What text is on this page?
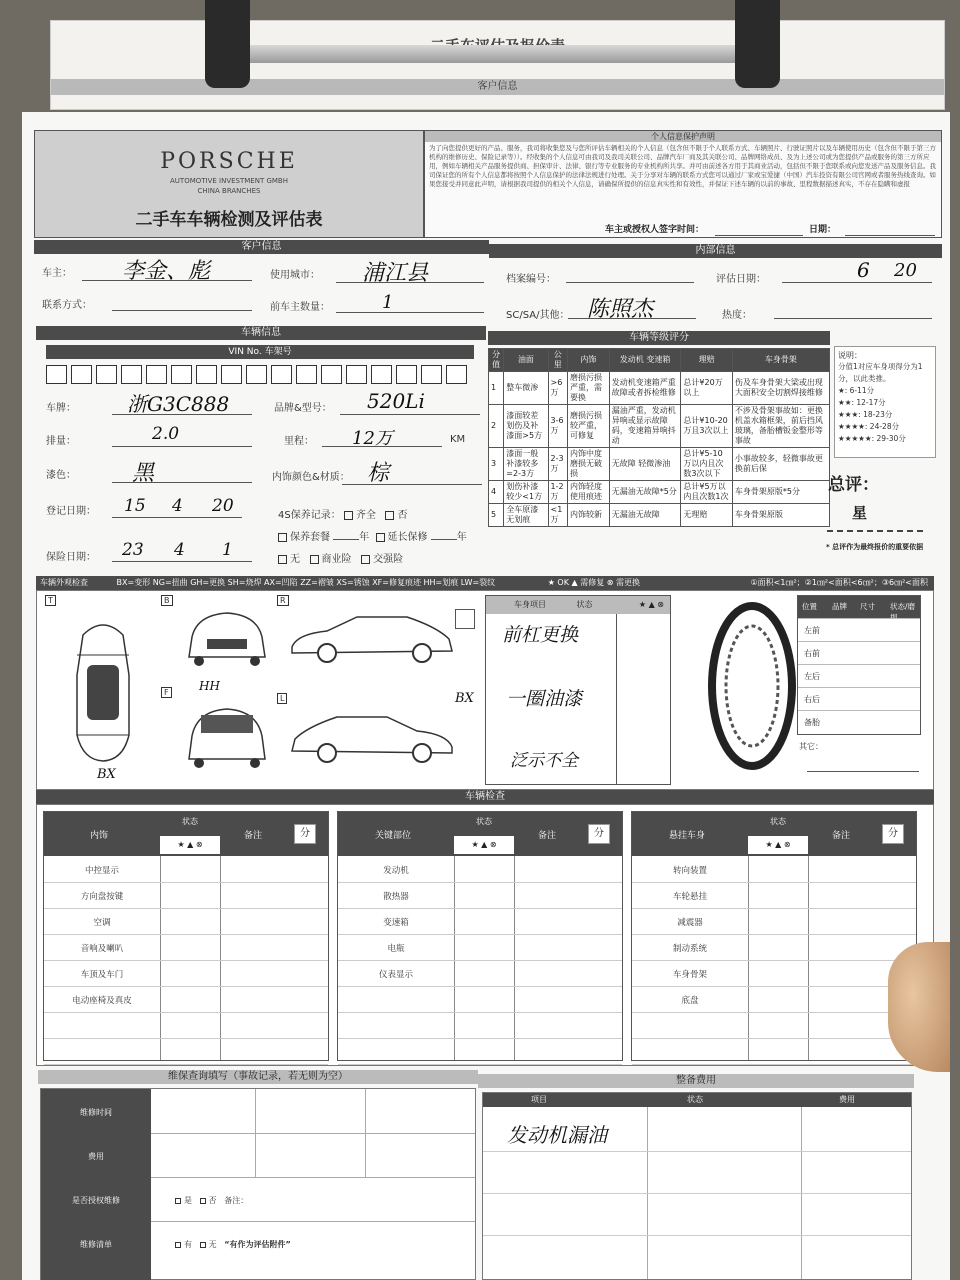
客户信息
PORSCHE
AUTOMOTIVE INVESTMENT GMBH
CHINA BRANCHES
二手车车辆检测及评估表
个人信息保护声明
为了向您提供更好的产品、服务，我司将收集您及与您所评估车辆相关的个人信息（包含但不限于个人联系方式、车辆照片、行驶证照片以及车辆使用历史（包含但不限于第三方机构的维修历史、保险记录等））。经收集的个人信息可由我司及我司关联公司、品牌汽车厂商及其关联公司、品牌网络成员、及为上述公司或为您提供产品或服务的第三方所应用，例如车辆相关产品服务提供商、担保审计、法律、银行等专业服务的专业机构所共享。并可由前述各方用于其商业活动，包括但不限于您联系或向您发送产品及服务信息。我司保证您的所有个人信息都将按照个人信息保护的法律法规进行处理。关于分享对车辆的联系方式您可以通过厂家或宝爱捷（中国）汽车投资有限公司官网或者服务热线查询。如果您接受并同意此声明，请根据我司提供的相关个人信息，请确保所提供的信息真实性和有效性，并保证下述车辆的以前的事故、里程数据描述真实，不存在隐瞒和虚报
车主或授权人签字时间：	日期：
客户信息	内部信息
车主： 李金、彪	使用城市： 浦江县
联系方式：	前车主数量：	1
档案编号：	评估日期：	6 20
SC/SA/其他： 陈照杰	热度：
车辆信息	车辆等级评分
VIN No. 车架号
车牌：	浙G3C888	品牌&型号： 520Li
排量：	2.0	里程： 12万	KM
漆色：	黑	内饰颜色&材质： 棕
登记日期： 15 4 20	4S保养记录： 齐全 否
保养套餐	年 延长保修	年
保险日期： 23 4 1	无 商业险 交强险
分值	油面	公里	内饰	发动机 变速箱	理赔	车身骨架
1	整车微渗	>6万	磨损污损严重，需要换	发动机变速箱严重故障或者拆检维修	总计¥20万以上	伤及车身骨架大梁或出现大面积安全切割焊接维修
2	漆面较差划伤及补漆面>5方	3-6万	磨损污损较严重，可修复	漏油严重，发动机异响或显示故障码，变速箱异响抖动	总计¥10-20万且3次以上	不涉及骨架事故如：更换机盖水箱框架，前后挡风玻璃，备胎槽钣金整形等事故
3	漆面一般补漆较多=2-3方	2-3万	内饰中度磨损无破损	无故障 轻微渗油	总计¥5-10万以内且次数3次以下	小事故较多，轻微事故更换前后保
4	划伤补漆较少<1方	1-2万	内饰轻度使用痕迹	无漏油无故障*5分	总计¥5万以内且次数1次	车身骨架原版*5分
5	全车原漆无划痕	<1万	内饰较新	无漏油无故障	无理赔	车身骨架原版
说明：
分值1对应车身项得分为1分，以此类推。
★: 6-11分
★★: 12-17分
★★★: 18-23分
★★★★: 24-28分
★★★★★: 29-30分
总评：
星
* 总评作为最终报价的重要依据
车辆外观检查	BX=变形 NG=扭曲 GH=更换 SH=烧焊 AX=凹陷 ZZ=褶皱 XS=锈蚀 XF=修复痕迹 HH=划痕 LW=裂纹	★ OK ▲ 需修复 ⊗ 需更换	①面积<1㎝²；②1㎝²<面积<6㎝²；③6㎝²<面积
T	B	R
F
L
BX
HH
BX
车身项目	状态	★ ▲ ⊗
前杠更换
一圈油漆
泛示不全
位置	品牌	尺寸	状态/磨损
左前
右前
左后
右后
备胎
其它：
车辆检查
内饰
状态
★ ▲ ⊗
备注	分
中控显示
方向盘按键
空调
音响及喇叭
车顶及车门
电动座椅及真皮
关键部位
状态
★ ▲ ⊗
备注	分
发动机
散热器
变速箱
电瓶
仪表显示
悬挂车身
状态
★ ▲ ⊗
备注	分
转向装置
车轮悬挂
减震器
制动系统
车身骨架
底盘
维保查询填写（事故记录，若无则为空）	整备费用
维修时间
费用
是否授权维修
维修清单
是 否 备注：
有 无 “有作为评估附件”
项目	状态	费用
发动机漏油
